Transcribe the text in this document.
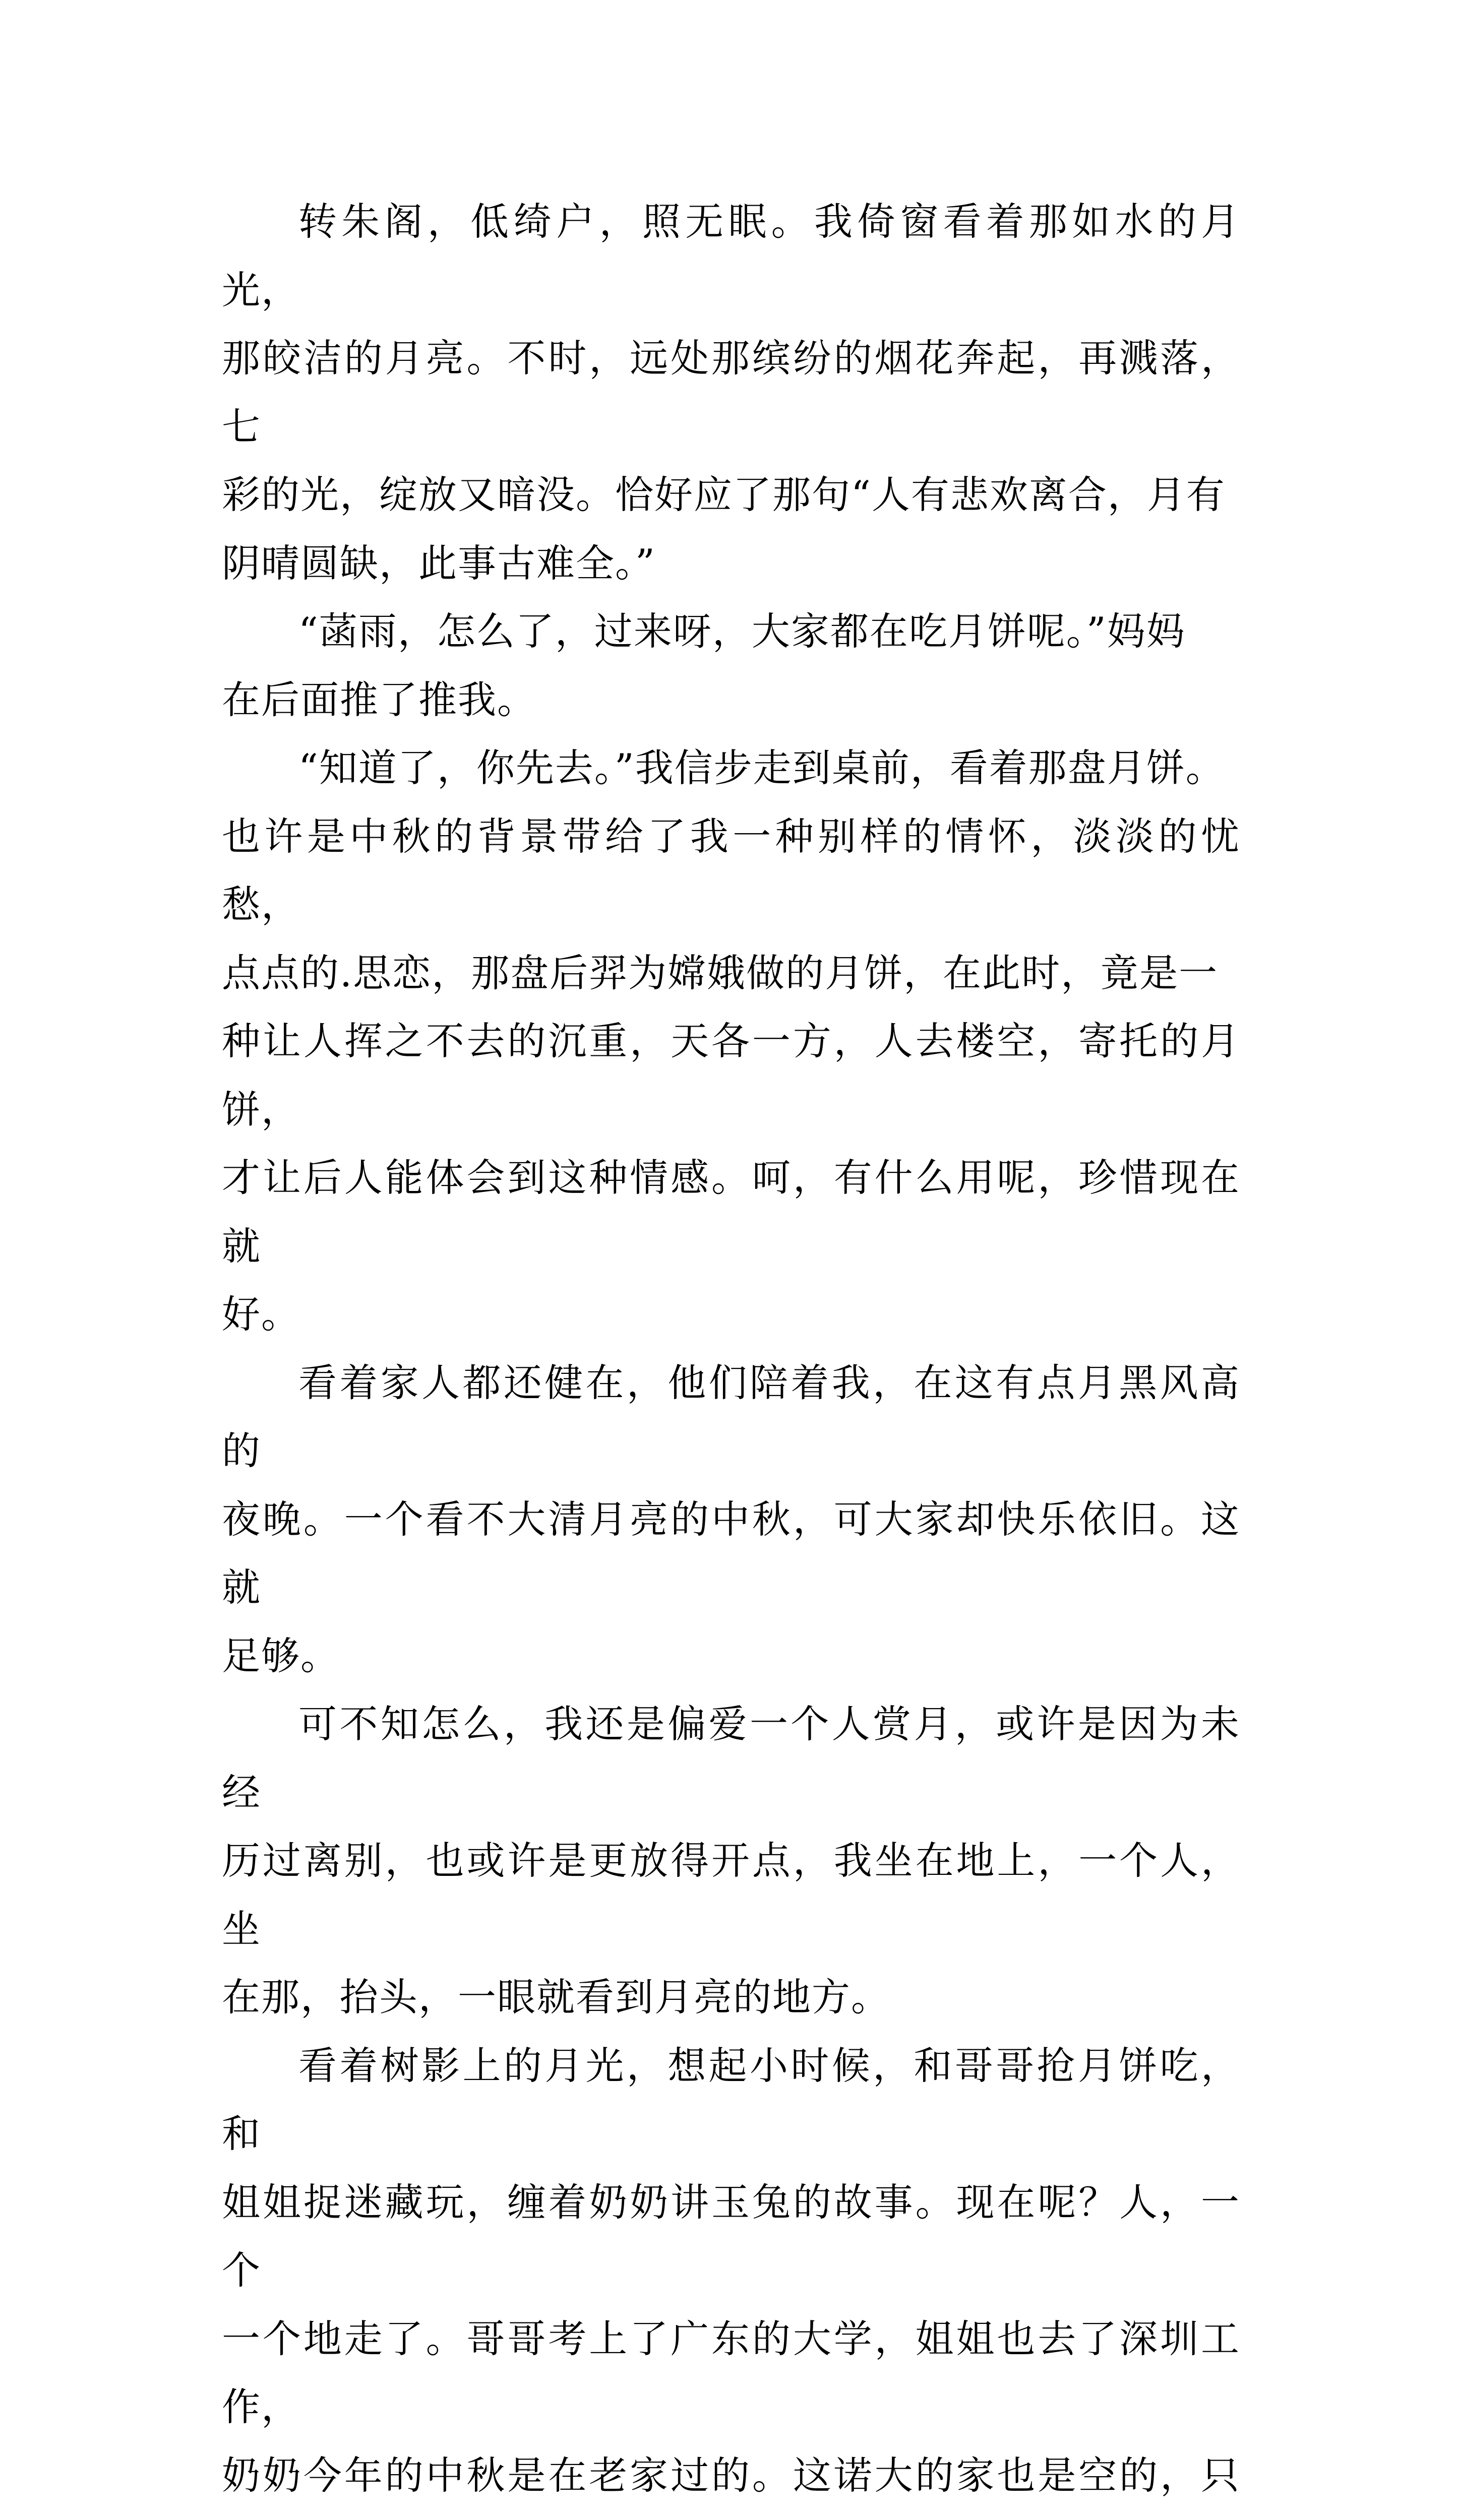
转朱阁，低绮户，照无眠。我倚窗看着那如水的月光，
那皎洁的月亮。不时，远处那缤纷的烟花奔起，再溅落，七
彩的光，绽放又暗没。恰好应了那句“人有悲欢离合，月有
阴晴圆缺，此事古难全。”

“菡雨，怎么了，过来呀，大家都在吃月饼呢。”妈妈
在后面推了推我。

“知道了，你先去。”我信步走到桌前，看着那盘月饼。
也许是中秋的背景带给了我一种别样的情怀，淡淡的忧愁，
点点的.思恋，那盘后羿为嫦娥做的月饼，在此时，竟是一
种让人挥之不去的沉重，天各一方，人去楼空，寄托的月饼，
才让后人能体会到这种情感。呵，有什么用呢，珍惜现在就
好。

看着家人都还健在，他们陪着我，在这有点月黑风高的
夜晚。一个看不大清月亮的中秋，可大家却快乐依旧。这就
足够。

可不知怎么，我还是偏爱一个人赏月，或许是因为未经
历过离别，也或许是更放得开点，我坐在地上，一个人，坐
在那，抬头，一眼就看到月亮的地方。

看着树影上的月光，想起小时候，和哥哥抢月饼吃，和
姐姐捉迷藏玩，缠着奶奶讲玉兔的故事。现在呢？人，一个
一个地走了。哥哥考上了广东的大学，姐姐也去了深圳工作，
奶奶今年的中秋是在老家过的。这诺大的家也是空的，只
